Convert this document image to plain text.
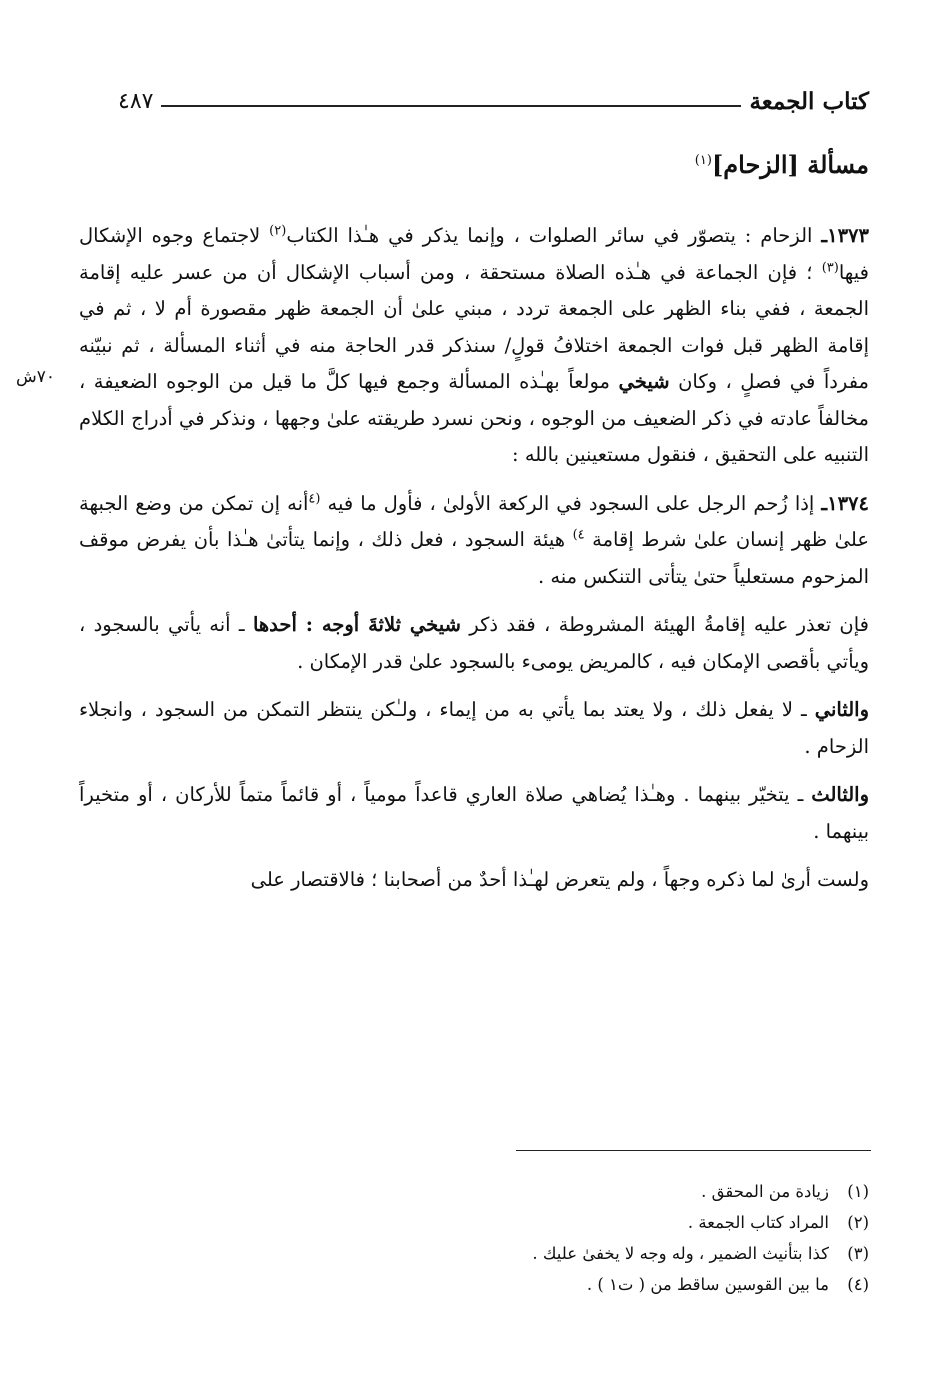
كتاب الجمعة
٤٨٧
مسألة [الزحام]$^{(١)}$
٧٠ش

١٣٧٣ـ الزحام : يتصوّر في سائر الصلوات ، وإنما يذكر في هـٰذا الكتاب$^{(٢)}$ لاجتماع وجوه الإشكال فيها$^{(٣)}$ ؛ فإن الجماعة في هـٰذه الصلاة مستحقة ، ومن أسباب الإشكال أن من عسر عليه إقامة الجمعة ، ففي بناء الظهر على الجمعة تردد ، مبني علىٰ أن الجمعة ظهر مقصورة أم لا ، ثم في إقامة الظهر قبل فوات الجمعة اختلافُ قولٍ/ سنذكر قدر الحاجة منه في أثناء المسألة ، ثم نبيّنه مفرداً في فصلٍ ، وكان شيخي مولعاً بهـٰذه المسألة وجمع فيها كلَّ ما قيل من الوجوه الضعيفة ، مخالفاً عادته في ذكر الضعيف من الوجوه ، ونحن نسرد طريقته علىٰ وجهها ، ونذكر في أدراج الكلام التنبيه على التحقيق ، فنقول مستعينين بالله :

١٣٧٤ـ إذا زُحم الرجل على السجود في الركعة الأولىٰ ، فأول ما فيه $^{(٤}$أنه إن تمكن من وضع الجبهة علىٰ ظهر إنسان علىٰ شرط إقامة $^{٤)}$ هيئة السجود ، فعل ذلك ، وإنما يتأتىٰ هـٰذا بأن يفرض موقف المزحوم مستعلياً حتىٰ يتأتى التنكس منه .

فإن تعذر عليه إقامةُ الهيئة المشروطة ، فقد ذكر شيخي ثلاثةَ أوجه : أحدها ـ أنه يأتي بالسجود ، ويأتي بأقصى الإمكان فيه ، كالمريض يومىء بالسجود علىٰ قدر الإمكان .

والثاني ـ لا يفعل ذلك ، ولا يعتد بما يأتي به من إيماء ، ولـٰكن ينتظر التمكن من السجود ، وانجلاء الزحام .

والثالث ـ يتخيّر بينهما . وهـٰذا يُضاهي صلاة العاري قاعداً مومياً ، أو قائماً متماً للأركان ، أو متخيراً بينهما .

ولست أرىٰ لما ذكره وجهاً ، ولم يتعرض لهـٰذا أحدٌ من أصحابنا ؛ فالاقتصار على

(١)زيادة من المحقق .
(٢)المراد كتاب الجمعة .
(٣)كذا بتأنيث الضمير ، وله وجه لا يخفىٰ عليك .
(٤)ما بين القوسين ساقط من ( ت١ ) .
